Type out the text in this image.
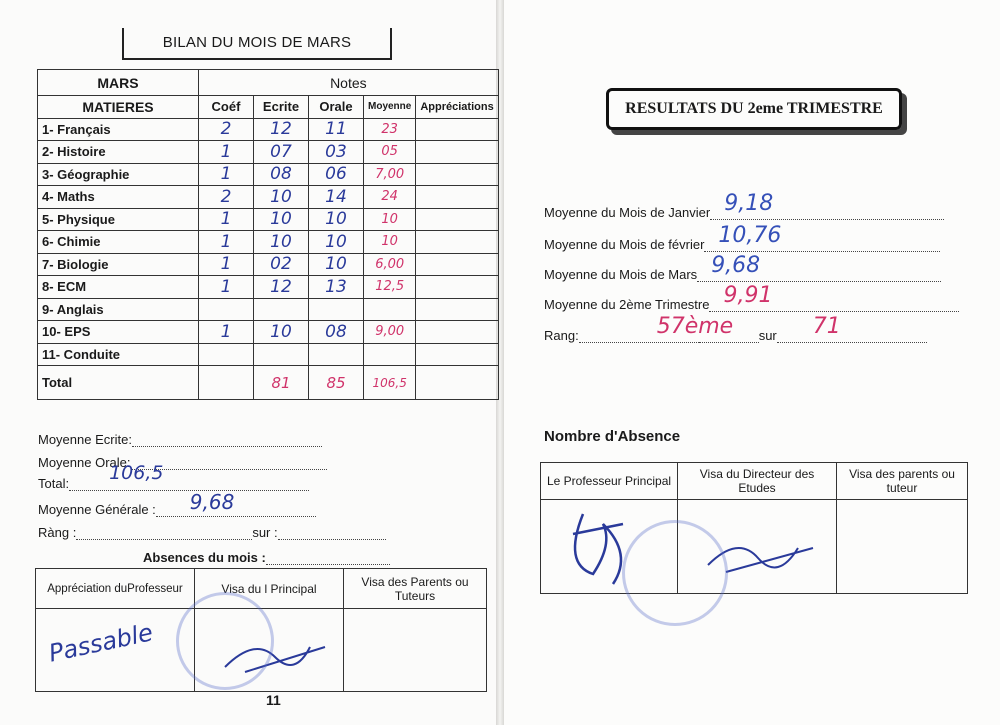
BILAN DU MOIS DE MARS
MARS	Notes				
MATIERES	Coéf	Ecrite	Orale	Moyenne	Appréciations
1- Français	2	12	11	23	
2- Histoire	1	07	03	05	
3- Géographie	1	08	06	7,00	
4- Maths	2	10	14	24	
5- Physique	1	10	10	10	
6- Chimie	1	10	10	10	
7- Biologie	1	02	10	6,00	
8- ECM	1	12	13	12,5	
9- Anglais					
10- EPS	1	10	08	9,00	
11- Conduite					
Total		81	85	106,5	
Moyenne Ecrite:
Moyenne Orale:
Total: 106,5
Moyenne Générale : 9,68
Ràng :	sur :
Absences du mois :
Appréciation duProfesseur	Visa du l Principal	Visa des Parents ou Tuteurs

Passable

11
RESULTATS DU 2eme TRIMESTRE
Moyenne du Mois de Janvier 9,18
Moyenne du Mois de février 10,76
Moyenne du Mois de Mars 9,68
Moyenne du 2ème Trimestre 9,91
Rang:	57ème sur 71
Nombre d'Absence
Le Professeur Principal	Visa du Directeur des Etudes	Visa des parents ou tuteur
